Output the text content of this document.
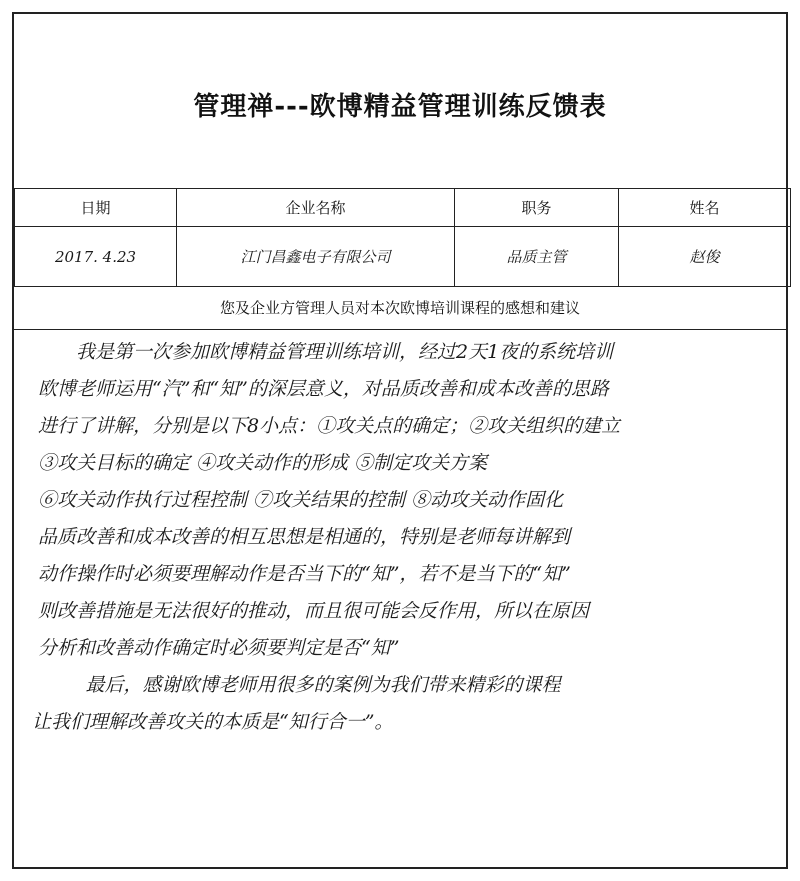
管理禅---欧博精益管理训练反馈表
日期	企业名称	职务	姓名
2017. 4.23	江门昌鑫电子有限公司	品质主管	赵俊
您及企业方管理人员对本次欧博培训课程的感想和建议

我是第一次参加欧博精益管理训练培训，经过2天1夜的系统培训

欧博老师运用“汽”和“知”的深层意义，对品质改善和成本改善的思路

进行了讲解，分别是以下8小点：①攻关点的确定；②攻关组织的建立

③攻关目标的确定 ④攻关动作的形成 ⑤制定攻关方案

⑥攻关动作执行过程控制 ⑦攻关结果的控制 ⑧动攻关动作固化

品质改善和成本改善的相互思想是相通的，特别是老师每讲解到

动作操作时必须要理解动作是否当下的“知”，若不是当下的“知”

则改善措施是无法很好的推动，而且很可能会反作用，所以在原因

分析和改善动作确定时必须要判定是否“知”

最后，感谢欧博老师用很多的案例为我们带来精彩的课程

让我们理解改善攻关的本质是“知行合一”。
